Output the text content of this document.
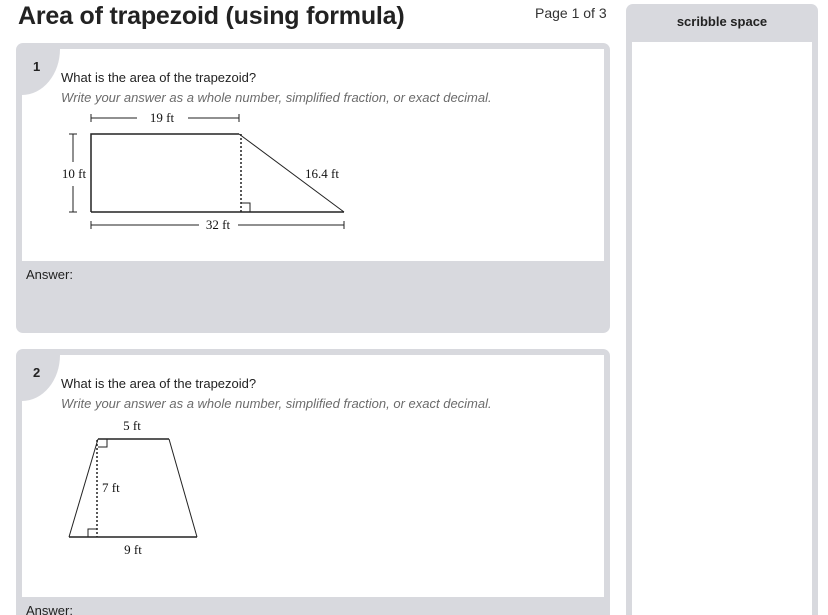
Area of trapezoid (using formula)	Page 1 of 3
1
What is the area of the trapezoid?
Write your answer as a whole number, simplified fraction, or exact decimal.
19 ft
10 ft	16.4 ft
32 ft
Answer:
2
What is the area of the trapezoid?
Write your answer as a whole number, simplified fraction, or exact decimal.
5 ft
7 ft
9 ft
Answer:
scribble space
